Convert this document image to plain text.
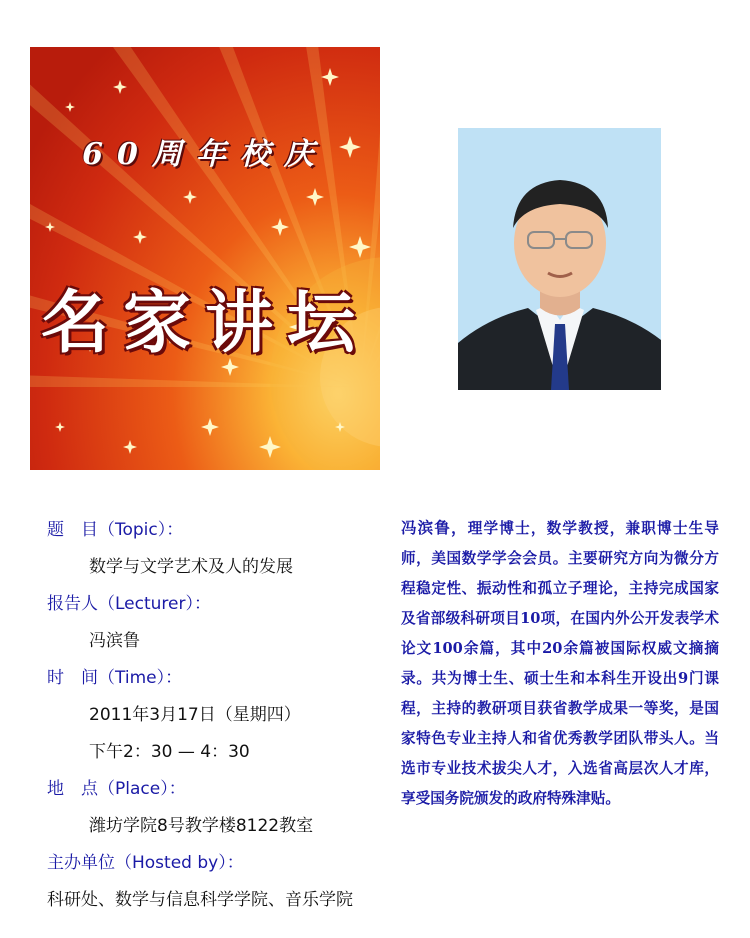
60周年校庆
名家讲坛
题　目（Topic）：
数学与文学艺术及人的发展
报告人（Lecturer）：
冯滨鲁
时　间（Time）：
2011年3月17日（星期四）
下午2：30 — 4：30
地　点（Place）：
潍坊学院8号教学楼8122教室
主办单位（Hosted by）：
科研处、数学与信息科学学院、音乐学院
冯滨鲁，理学博士，数学教授，兼职博士生导师，美国数学学会会员。主要研究方向为微分方程稳定性、振动性和孤立子理论，主持完成国家及省部级科研项目10项，在国内外公开发表学术论文100余篇，其中20余篇被国际权威文摘摘录。共为博士生、硕士生和本科生开设出9门课程，主持的教研项目获省教学成果一等奖，是国家特色专业主持人和省优秀教学团队带头人。当选市专业技术拔尖人才，入选省高层次人才库，享受国务院颁发的政府特殊津贴。
